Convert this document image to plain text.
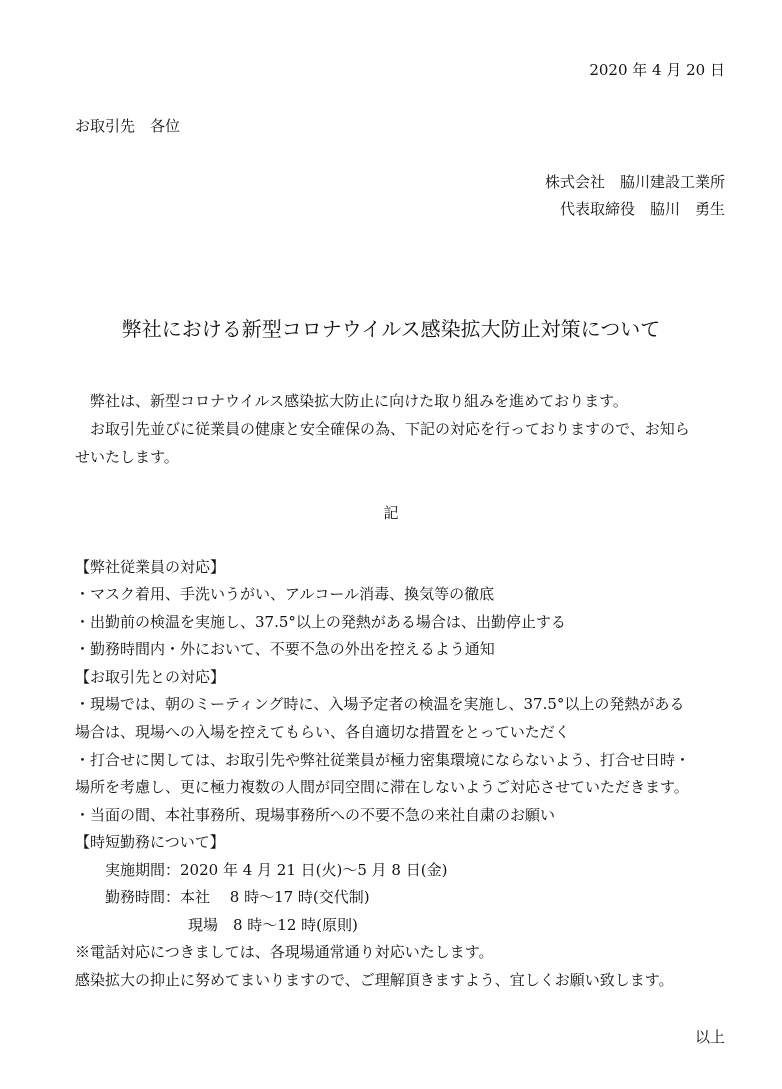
2020 年 4 月 20 日
お取引先　各位
株式会社　脇川建設工業所
代表取締役　脇川　勇生
弊社における新型コロナウイルス感染拡大防止対策について
弊社は、新型コロナウイルス感染拡大防止に向けた取り組みを進めております。
お取引先並びに従業員の健康と安全確保の為、下記の対応を行っておりますので、お知ら
せいたします。
記
【弊社従業員の対応】
・マスク着用、手洗いうがい、アルコール消毒、換気等の徹底
・出勤前の検温を実施し、37.5°以上の発熱がある場合は、出勤停止する
・勤務時間内・外において、不要不急の外出を控えるよう通知
【お取引先との対応】
・現場では、朝のミーティング時に、入場予定者の検温を実施し、37.5°以上の発熱がある
場合は、現場への入場を控えてもらい、各自適切な措置をとっていただく
・打合せに関しては、お取引先や弊社従業員が極力密集環境にならないよう、打合せ日時・
場所を考慮し、更に極力複数の人間が同空間に滞在しないようご対応させていただきます。
・当面の間、本社事務所、現場事務所への不要不急の来社自粛のお願い
【時短勤務について】
実施期間：2020 年 4 月 21 日(火)～5 月 8 日(金)
勤務時間：本社　 8 時～17 時(交代制)
現場　8 時～12 時(原則)
※電話対応につきましては、各現場通常通り対応いたします。
感染拡大の抑止に努めてまいりますので、ご理解頂きますよう、宜しくお願い致します。
以上
